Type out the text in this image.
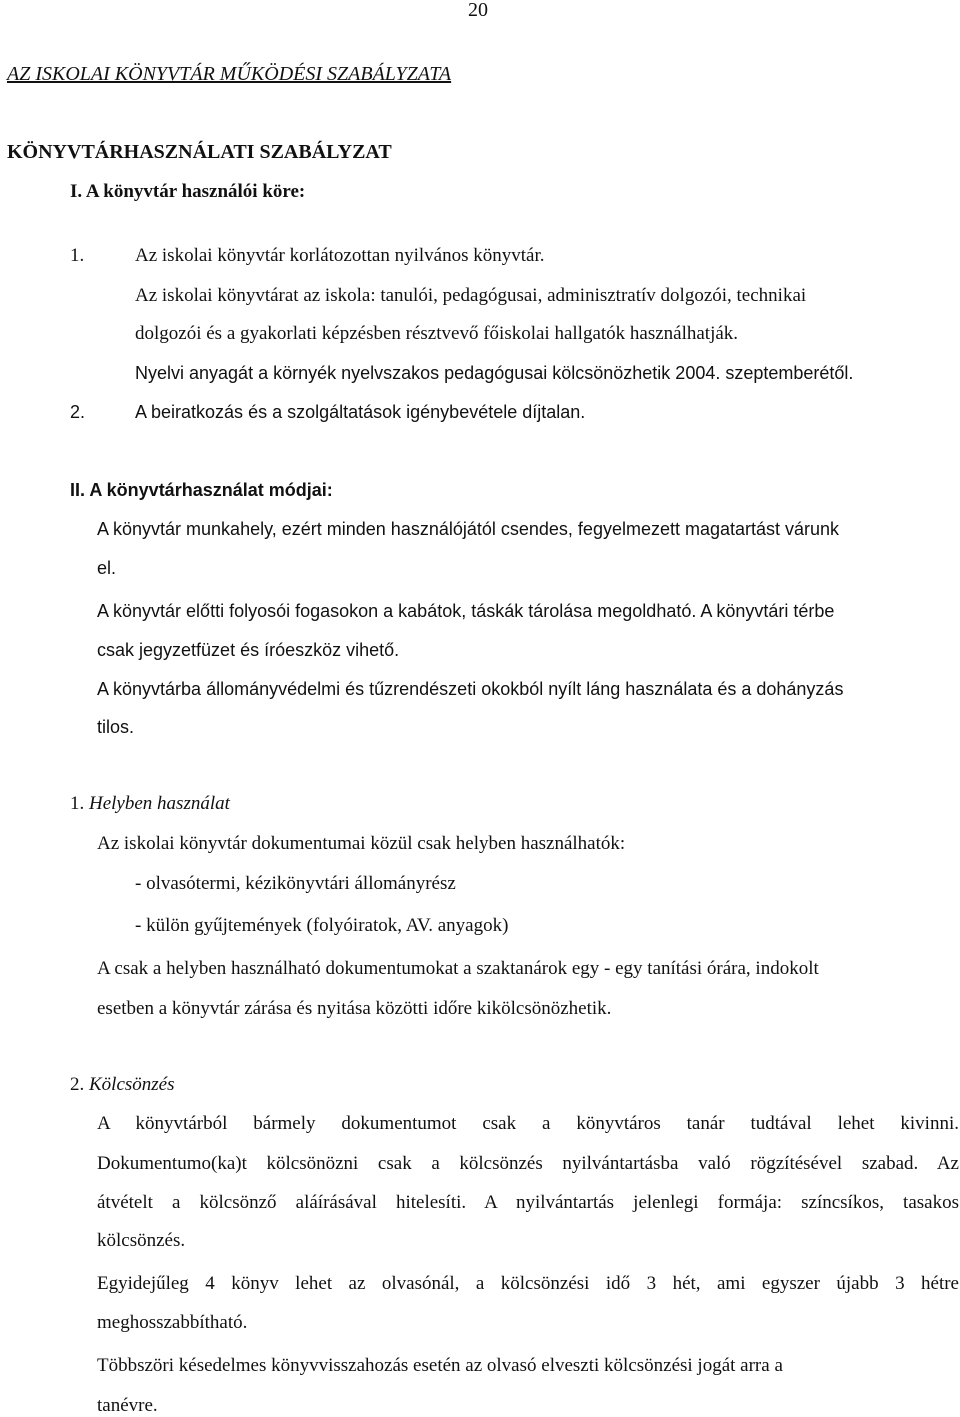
20
AZ ISKOLAI KÖNYVTÁR MŰKÖDÉSI SZABÁLYZATA
KÖNYVTÁRHASZNÁLATI SZABÁLYZAT
I. A könyvtár használói köre:
1.	Az iskolai könyvtár korlátozottan nyilvános könyvtár.
Az iskolai könyvtárat az iskola: tanulói, pedagógusai, adminisztratív dolgozói, technikai
dolgozói és a gyakorlati képzésben résztvevő főiskolai hallgatók használhatják.
Nyelvi anyagát a környék nyelvszakos pedagógusai kölcsönözhetik 2004. szeptemberétől.
2.	A beiratkozás és a szolgáltatások igénybevétele díjtalan.
II. A könyvtárhasználat módjai:
A könyvtár munkahely, ezért minden használójától csendes, fegyelmezett magatartást várunk
el.
A könyvtár előtti folyosói fogasokon a kabátok, táskák tárolása megoldható. A könyvtári térbe
csak jegyzetfüzet és íróeszköz vihető.
A könyvtárba állományvédelmi és tűzrendészeti okokból nyílt láng használata és a dohányzás
tilos.
1. Helyben használat
Az iskolai könyvtár dokumentumai közül csak helyben használhatók:
- olvasótermi, kézikönyvtári állományrész
- külön gyűjtemények (folyóiratok, AV. anyagok)
A csak a helyben használható dokumentumokat a szaktanárok egy - egy tanítási órára, indokolt
esetben a könyvtár zárása és nyitása közötti időre kikölcsönözhetik.
2. Kölcsönzés
A könyvtárból bármely dokumentumot csak a könyvtáros tanár tudtával lehet kivinni.
Dokumentumo(ka)t kölcsönözni csak a kölcsönzés nyilvántartásba való rögzítésével szabad. Az
átvételt a kölcsönző aláírásával hitelesíti. A nyilvántartás jelenlegi formája: színcsíkos, tasakos
kölcsönzés.
Egyidejűleg 4 könyv lehet az olvasónál, a kölcsönzési idő 3 hét, ami egyszer újabb 3 hétre
meghosszabbítható.
Többszöri késedelmes könyvvisszahozás esetén az olvasó elveszti kölcsönzési jogát arra a
tanévre.
